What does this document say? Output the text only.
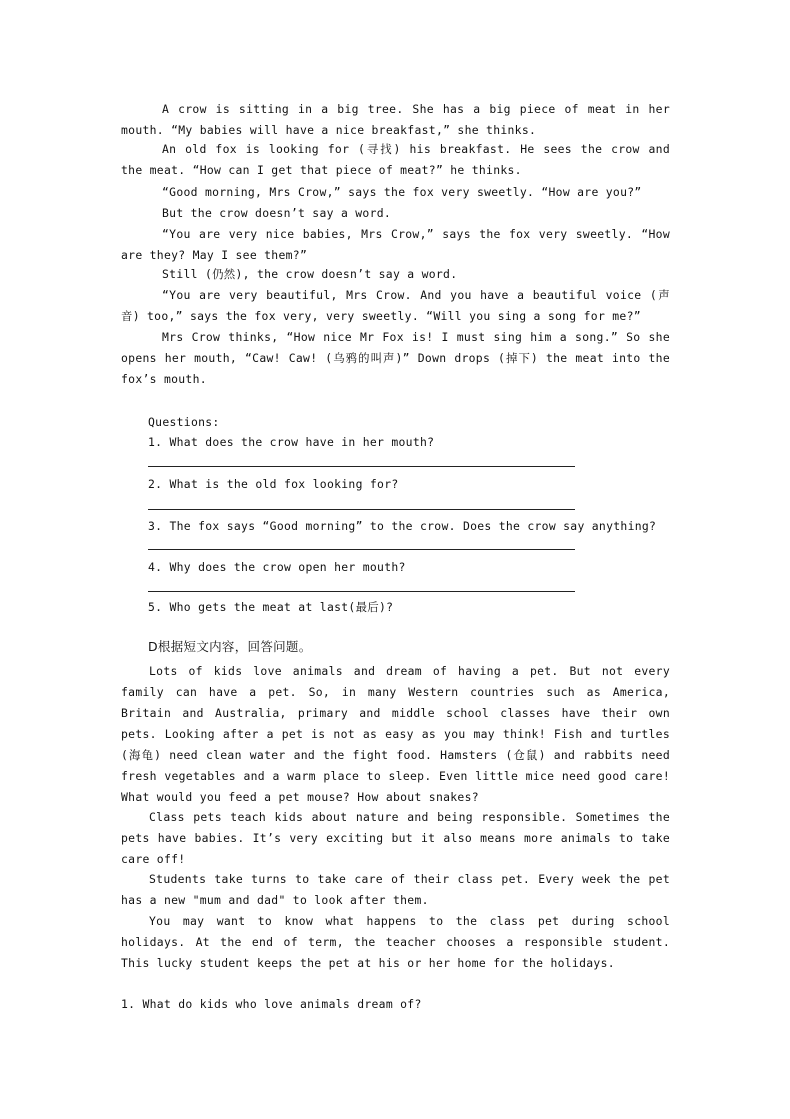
A crow is sitting in a big tree. She has a big piece of meat in her mouth. “My babies will have a nice breakfast,” she thinks.

An old fox is looking for (寻找) his breakfast. He sees the crow and the meat. “How can I get that piece of meat?” he thinks.

“Good morning, Mrs Crow,” says the fox very sweetly. “How are you?”

But the crow doesn’t say a word.

“You are very nice babies, Mrs Crow,” says the fox very sweetly. “How are they? May I see them?”

Still (仍然), the crow doesn’t say a word.

“You are very beautiful, Mrs Crow. And you have a beautiful voice (声音) too,” says the fox very, very sweetly. “Will you sing a song for me?”

Mrs Crow thinks, “How nice Mr Fox is! I must sing him a song.” So she opens her mouth, “Caw! Caw! (乌鸦的叫声)” Down drops (掉下) the meat into the fox’s mouth.

Questions:
1. What does the crow have in her mouth?
2. What is the old fox looking for?
3. The fox says “Good morning” to the crow. Does the crow say anything?
4. Why does the crow open her mouth?
5. Who gets the meat at last(最后)?
D根据短文内容，回答问题。

Lots of kids love animals and dream of having a pet. But not every family can have a pet. So, in many Western countries such as America, Britain and Australia, primary and middle school classes have their own pets. Looking after a pet is not as easy as you may think! Fish and turtles (海龟) need clean water and the fight food. Hamsters (仓鼠) and rabbits need fresh vegetables and a warm place to sleep. Even little mice need good care! What would you feed a pet mouse? How about snakes?

Class pets teach kids about nature and being responsible. Sometimes the pets have babies. It’s very exciting but it also means more animals to take care off!

Students take turns to take care of their class pet. Every week the pet has a new "mum and dad" to look after them.

You may want to know what happens to the class pet during school holidays. At the end of term, the teacher chooses a responsible student. This lucky student keeps the pet at his or her home for the holidays.

1. What do kids who love animals dream of?
